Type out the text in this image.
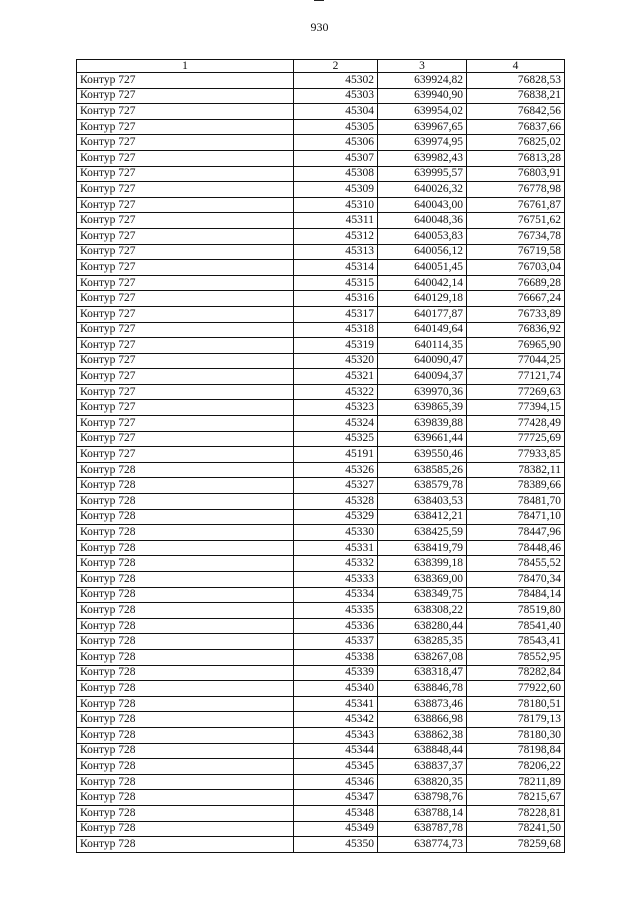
930
1	2	3	4
Контур 727	45302	639924,82	76828,53
Контур 727	45303	639940,90	76838,21
Контур 727	45304	639954,02	76842,56
Контур 727	45305	639967,65	76837,66
Контур 727	45306	639974,95	76825,02
Контур 727	45307	639982,43	76813,28
Контур 727	45308	639995,57	76803,91
Контур 727	45309	640026,32	76778,98
Контур 727	45310	640043,00	76761,87
Контур 727	45311	640048,36	76751,62
Контур 727	45312	640053,83	76734,78
Контур 727	45313	640056,12	76719,58
Контур 727	45314	640051,45	76703,04
Контур 727	45315	640042,14	76689,28
Контур 727	45316	640129,18	76667,24
Контур 727	45317	640177,87	76733,89
Контур 727	45318	640149,64	76836,92
Контур 727	45319	640114,35	76965,90
Контур 727	45320	640090,47	77044,25
Контур 727	45321	640094,37	77121,74
Контур 727	45322	639970,36	77269,63
Контур 727	45323	639865,39	77394,15
Контур 727	45324	639839,88	77428,49
Контур 727	45325	639661,44	77725,69
Контур 727	45191	639550,46	77933,85
Контур 728	45326	638585,26	78382,11
Контур 728	45327	638579,78	78389,66
Контур 728	45328	638403,53	78481,70
Контур 728	45329	638412,21	78471,10
Контур 728	45330	638425,59	78447,96
Контур 728	45331	638419,79	78448,46
Контур 728	45332	638399,18	78455,52
Контур 728	45333	638369,00	78470,34
Контур 728	45334	638349,75	78484,14
Контур 728	45335	638308,22	78519,80
Контур 728	45336	638280,44	78541,40
Контур 728	45337	638285,35	78543,41
Контур 728	45338	638267,08	78552,95
Контур 728	45339	638318,47	78282,84
Контур 728	45340	638846,78	77922,60
Контур 728	45341	638873,46	78180,51
Контур 728	45342	638866,98	78179,13
Контур 728	45343	638862,38	78180,30
Контур 728	45344	638848,44	78198,84
Контур 728	45345	638837,37	78206,22
Контур 728	45346	638820,35	78211,89
Контур 728	45347	638798,76	78215,67
Контур 728	45348	638788,14	78228,81
Контур 728	45349	638787,78	78241,50
Контур 728	45350	638774,73	78259,68
